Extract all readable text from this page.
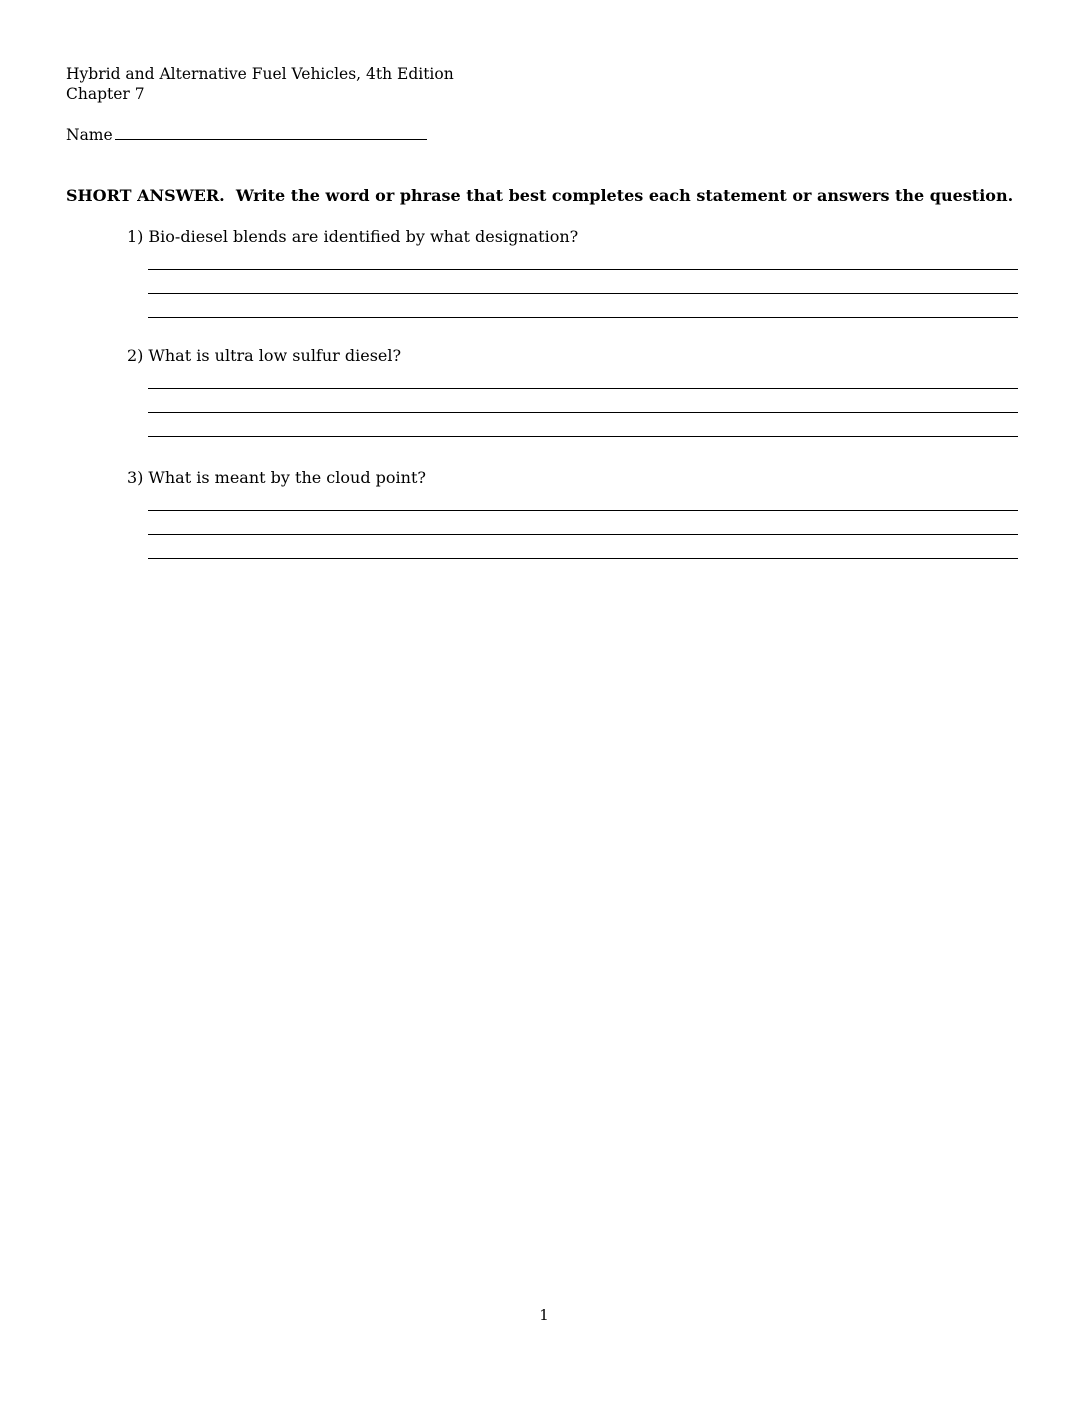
Hybrid and Alternative Fuel Vehicles, 4th Edition
Chapter 7
Name
SHORT ANSWER.  Write the word or phrase that best completes each statement or answers the question.
1) Bio-diesel blends are identified by what designation?
2) What is ultra low sulfur diesel?
3) What is meant by the cloud point?
1
